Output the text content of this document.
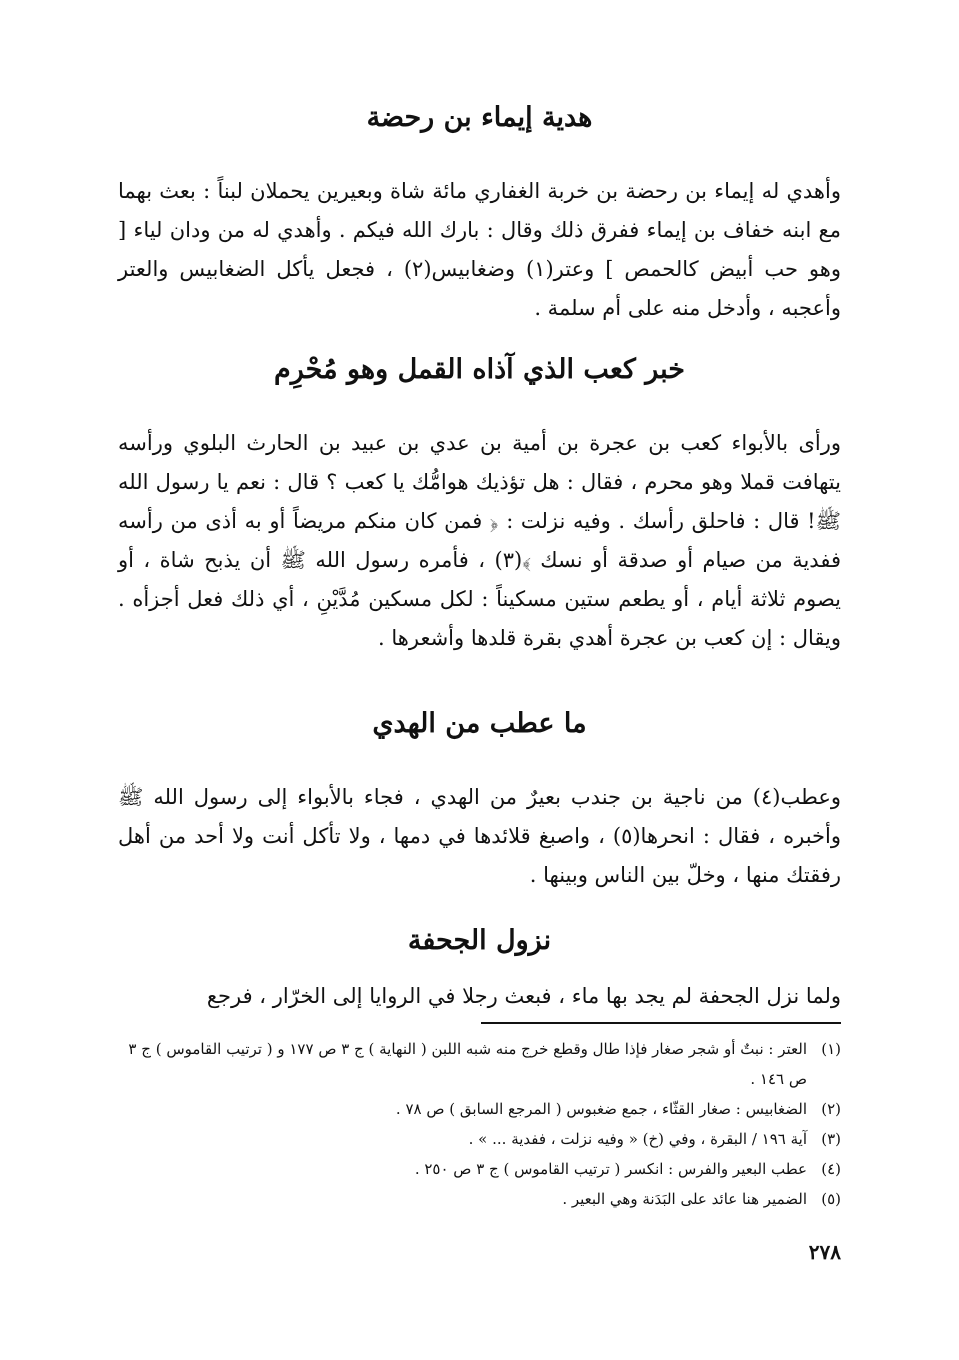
هدية إيماء بن رحضة

وأهدي له إيماء بن رحضة بن خربة الغفاري مائة شاة وبعيرين يحملان لبناً : بعث بهما مع ابنه خفاف بن إيماء ففرق ذلك وقال : بارك الله فيكم . وأهدي له من ودان لياء [ وهو حب أبيض كالحمص ] وعتر(١) وضغابيس(٢) ، فجعل يأكل الضغابيس والعتر وأعجبه ، وأدخل منه على أم سلمة .

خبر كعب الذي آذاه القمل وهو مُحْرِم

ورأى بالأبواء كعب بن عجرة بن أمية بن عدي بن عبيد بن الحارث البلوي ورأسه يتهافت قملا وهو محرم ، فقال : هل تؤذيك هوامُّك يا كعب ؟ قال : نعم يا رسول الله ﷺ! قال : فاحلق رأسك . وفيه نزلت : ﴿ فمن كان منكم مريضاً أو به أذى من رأسه ففدية من صيام أو صدقة أو نسك ﴾(٣) ، فأمره رسول الله ﷺ أن يذبح شاة ، أو يصوم ثلاثة أيام ، أو يطعم ستين مسكيناً : لكل مسكين مُدَّيْنِ ، أي ذلك فعل أجزأه . ويقال : إن كعب بن عجرة أهدي بقرة قلدها وأشعرها .

ما عطب من الهدي

وعطب(٤) من ناجية بن جندب بعيرٌ من الهدي ، فجاء بالأبواء إلى رسول الله ﷺ وأخبره ، فقال : انحرها(٥) ، واصبغ قلائدها في دمها ، ولا تأكل أنت ولا أحد من أهل رفقتك منها ، وخلّ بين الناس وبينها .

نزول الجحفة

ولما نزل الجحفة لم يجد بها ماء ، فبعث رجلا في الروايا إلى الخرّار ، فرجع

(١)
العتر : نبتٌ أو شجر صغار فإذا طال وقطع خرج منه شبه اللبن ( النهاية ) ج ٣ ص ١٧٧ و ( ترتيب القاموس ) ج ٣ ص ١٤٦ .
(٢)
الضغابيس : صغار القثّاء ، جمع ضغبوس ( المرجع السابق ) ص ٧٨ .
(٣)
آية ١٩٦ / البقرة ، وفي (خ) « وفيه نزلت ، ففدية ... » .
(٤)
عطب البعير والفرس : انكسر ( ترتيب القاموس ) ج ٣ ص ٢٥٠ .
(٥)
الضمير هنا عائد على البَدَنة وهي البعير .
٢٧٨
